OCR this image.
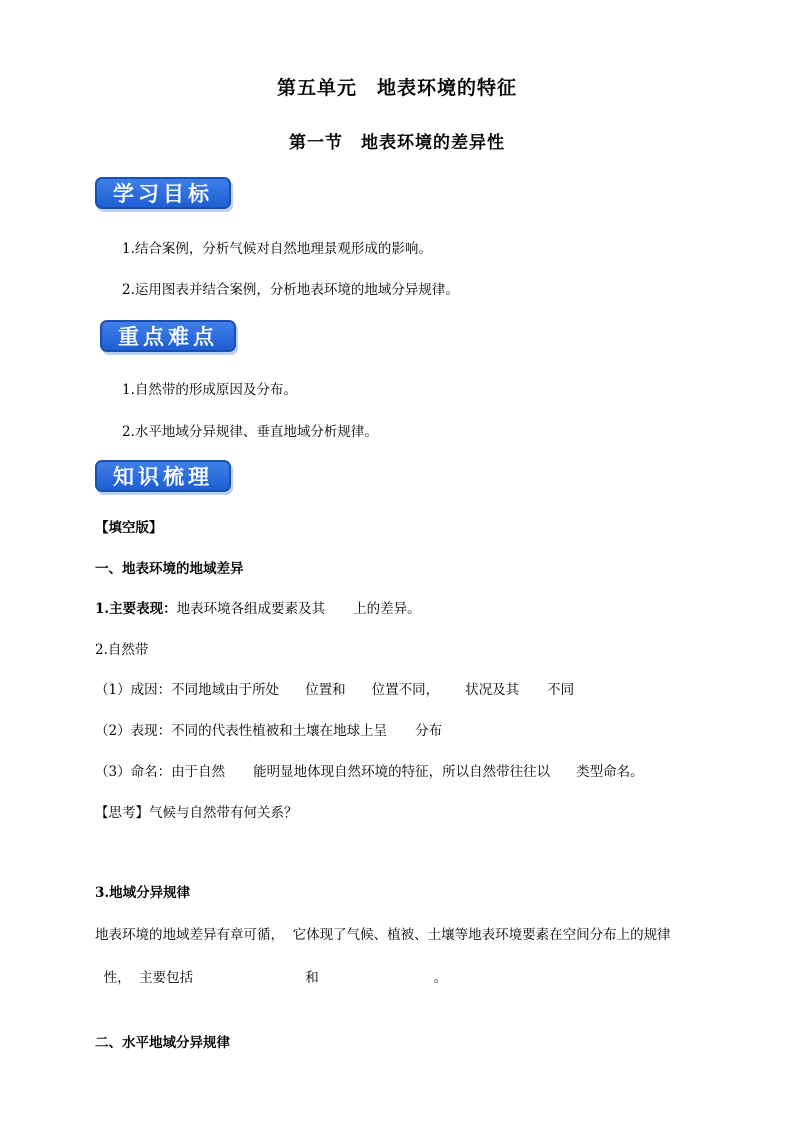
第五单元　地表环境的特征
第一节　地表环境的差异性
学习目标
1.结合案例，分析气候对自然地理景观形成的影响。
2.运用图表并结合案例，分析地表环境的地域分异规律。
重点难点
1.自然带的形成原因及分布。
2.水平地域分异规律、垂直地域分析规律。
知识梳理
【填空版】
一、地表环境的地域差异
1.主要表现：地表环境各组成要素及其 上的差异。
2.自然带
（1）成因：不同地域由于所处 位置和 位置不同， 状况及其 不同
（2）表现：不同的代表性植被和土壤在地球上呈 分布
（3）命名：由于自然 能明显地体现自然环境的特征，所以自然带往往以 类型命名。
【思考】气候与自然带有何关系？
3.地域分异规律
地表环境的地域差异有章可循，  它体现了气候、植被、土壤等地表环境要素在空间分布上的规律

性，  主要包括	和	。

二、水平地域分异规律
